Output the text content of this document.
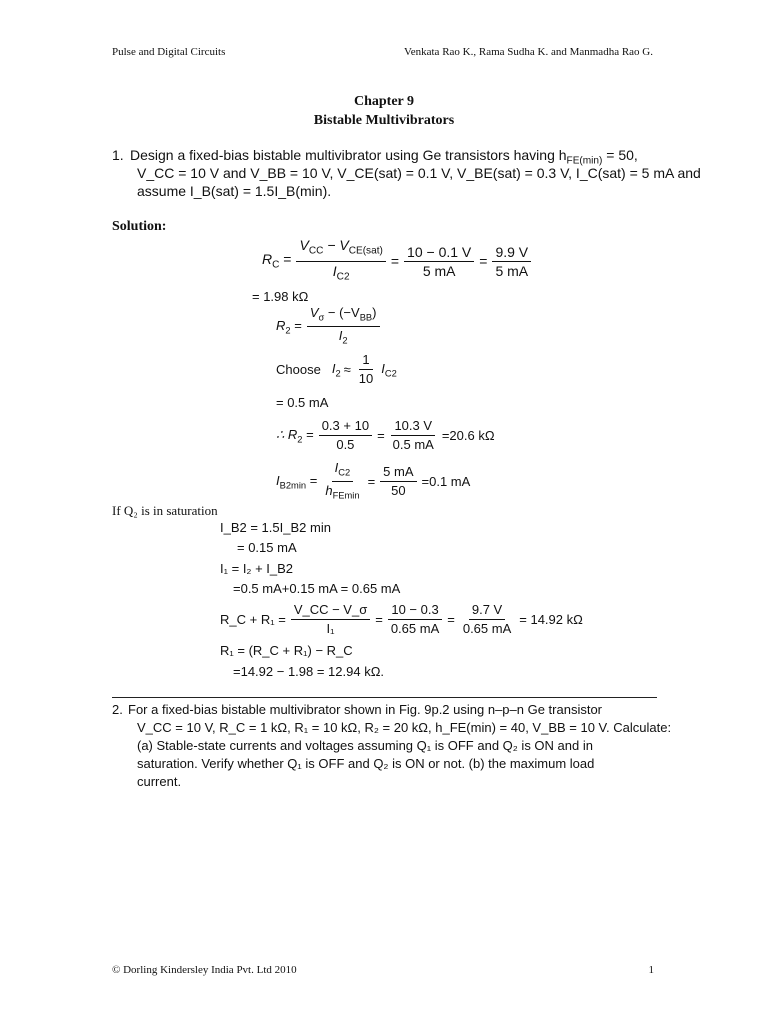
Pulse and Digital Circuits	Venkata Rao K., Rama Sudha K. and Manmadha Rao G.
Chapter 9
Bistable Multivibrators
1. Design a fixed-bias bistable multivibrator using Ge transistors having $h_{FE(min)} = 50$,
V_CC = 10 V and V_BB = 10 V, V_CE(sat) = 0.1 V, V_BE(sat) = 0.3 V, I_C(sat) = 5 mA and
assume I_B(sat) = 1.5I_B(min).
Solution:
$R_C = \frac{V_{CC} - V_{CE(sat)}}{I_{C2}} = \frac{10 - 0.1 V}{5 mA} = \frac{9.9 V}{5 mA}$
= 1.98 kΩ
$R_2 = \frac{V_\sigma - (-V_{BB})}{I_2}$
Choose $I_2 \approx \frac{1}{10} I_{C2}$
= 0.5 mA
∴ $R_2 = \frac{0.3 + 10}{0.5} = \frac{10.3 V}{0.5 mA} =20.6$ kΩ
$I_{B2min} = \frac{I_{C2}}{h_{FEmin}} = \frac{5 mA}{50} =0.1$ mA
If Q₂ is in saturation
I_B2 = 1.5I_B2 min
= 0.15 mA
I₁ = I₂ + I_B2
=0.5 mA+0.15 mA = 0.65 mA
R_C + $R_1 = \frac{V\_CC - V\_\sigma}{\text{I₁}} = \frac{10 - 0.3}{0.65 mA} = \frac{9.7 V}{0.65 mA} = 14.92$ kΩ
R₁ = (R_C + R₁) − R_C
=14.92 − 1.98 = 12.94 kΩ.
2. For a fixed-bias bistable multivibrator shown in Fig. 9p.2 using n–p–n Ge transistor
V_CC = 10 V, R_C = 1 kΩ, R₁ = 10 kΩ, R₂ = 20 kΩ, h_FE(min) = 40, V_BB = 10 V. Calculate:
(a) Stable-state currents and voltages assuming Q₁ is OFF and Q₂ is ON and in
saturation. Verify whether Q₁ is OFF and Q₂ is ON or not. (b) the maximum load
current.
© Dorling Kindersley India Pvt. Ltd 2010	1
